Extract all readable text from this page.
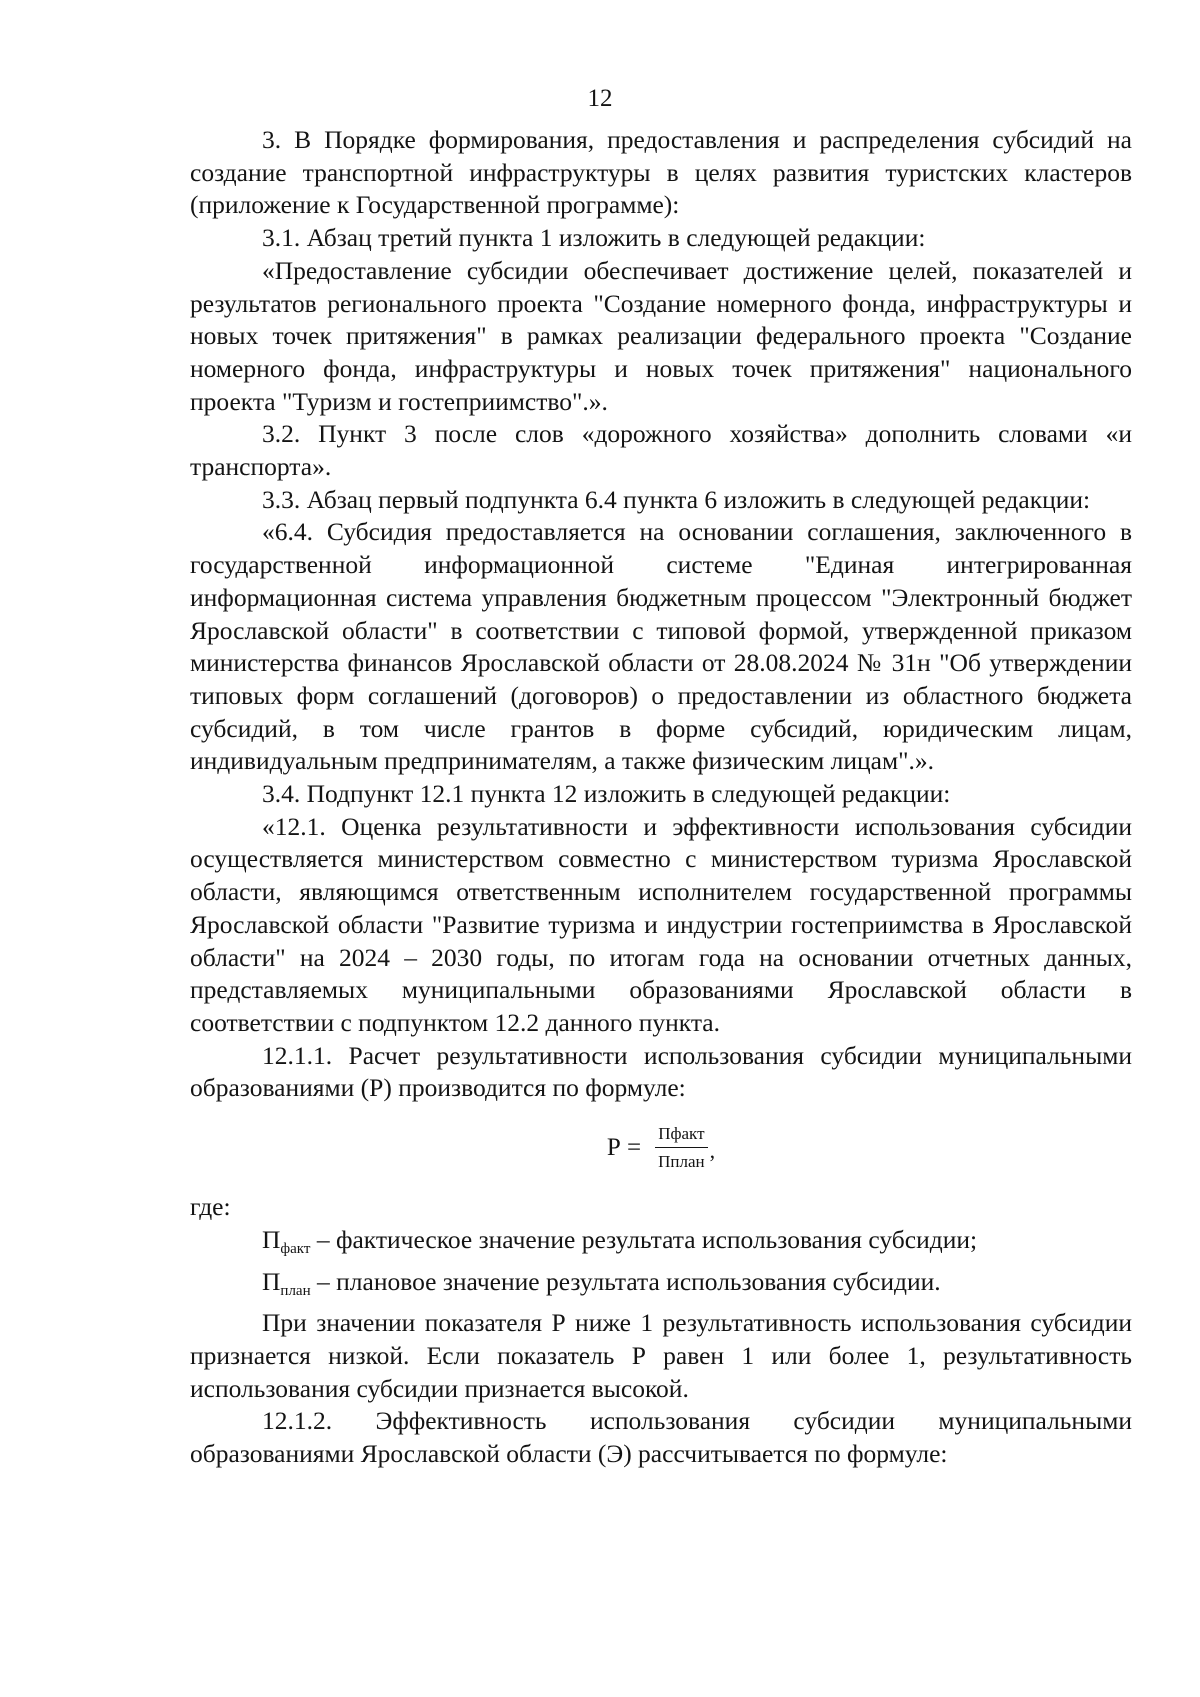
12

3. В Порядке формирования, предоставления и распределения субсидий на создание транспортной инфраструктуры в целях развития туристских кластеров (приложение к Государственной программе):

3.1. Абзац третий пункта 1 изложить в следующей редакции:

«Предоставление субсидии обеспечивает достижение целей, показателей и результатов регионального проекта "Создание номерного фонда, инфраструктуры и новых точек притяжения" в рамках реализации федерального проекта "Создание номерного фонда, инфраструктуры и новых точек притяжения" национального проекта "Туризм и гостеприимство".».

3.2. Пункт 3 после слов «дорожного хозяйства» дополнить словами «и транспорта».

3.3. Абзац первый подпункта 6.4 пункта 6 изложить в следующей редакции:

«6.4. Субсидия предоставляется на основании соглашения, заключенного в государственной информационной системе "Единая интегрированная информационная система управления бюджетным процессом "Электронный бюджет Ярославской области" в соответствии с типовой формой, утвержденной приказом министерства финансов Ярославской области от 28.08.2024 № 31н "Об утверждении типовых форм соглашений (договоров) о предоставлении из областного бюджета субсидий, в том числе грантов в форме субсидий, юридическим лицам, индивидуальным предпринимателям, а также физическим лицам".».

3.4. Подпункт 12.1 пункта 12 изложить в следующей редакции:

«12.1. Оценка результативности и эффективности использования субсидии осуществляется министерством совместно с министерством туризма Ярославской области, являющимся ответственным исполнителем государственной программы Ярославской области "Развитие туризма и индустрии гостеприимства в Ярославской области" на 2024 – 2030 годы, по итогам года на основании отчетных данных, представляемых муниципальными образованиями Ярославской области в соответствии с подпунктом 12.2 данного пункта.

12.1.1. Расчет результативности использования субсидии муниципальными образованиями (Р) производится по формуле:

$Р = \frac{\text{Пфакт}}{\text{Пплан}}$ ,

где:

$П_{факт}$ – фактическое значение результата использования субсидии;

$П_{план}$ – плановое значение результата использования субсидии.

При значении показателя Р ниже 1 результативность использования субсидии признается низкой. Если показатель Р равен 1 или более 1, результативность использования субсидии признается высокой.

12.1.2. Эффективность использования субсидии муниципальными образованиями Ярославской области (Э) рассчитывается по формуле:
